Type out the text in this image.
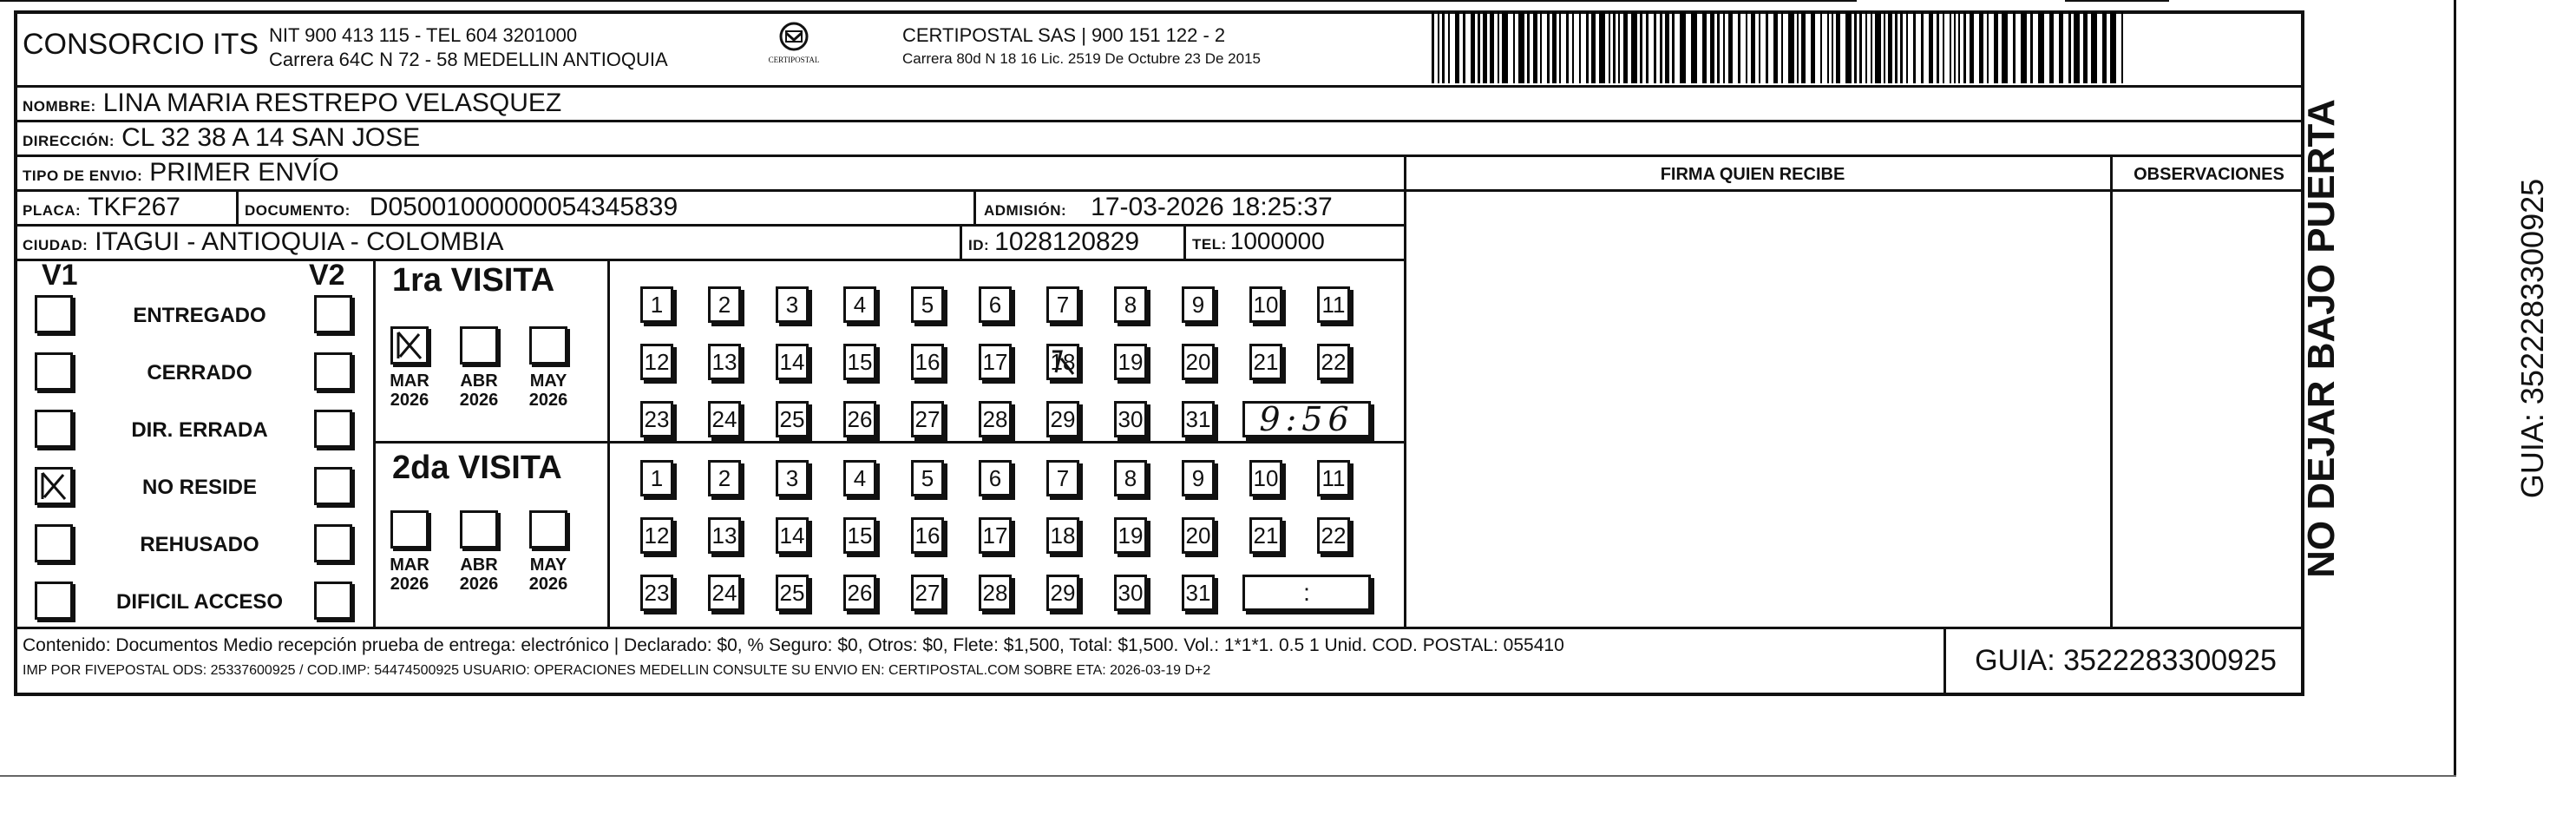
CONSORCIO ITS NIT 900 413 115 - TEL 604 3201000
Carrera 64C N 72 - 58 MEDELLIN ANTIOQUIA	CERTIPOSTAL
CERTIPOSTAL SAS | 900 151 122 - 2
Carrera 80d N 18 16 Lic. 2519 De Octubre 23 De 2015
NOMBRE: LINA MARIA RESTREPO VELASQUEZ
DIRECCIÓN: CL 32 38 A 14 SAN JOSE
TIPO DE ENVIO: PRIMER ENVÍO	FIRMA QUIEN RECIBE	OBSERVACIONES
PLACA: TKF267	DOCUMENTO: D05001000000054345839	ADMISIÓN: 17-03-2026 18:25:37
CIUDAD: ITAGUI - ANTIOQUIA - COLOMBIA	ID: 1028120829	TEL: 1000000
V1	V2
ENTREGADO
CERRADO
DIR. ERRADA
NO RESIDE
REHUSADO
DIFICIL ACCESO
1ra VISITA
MAR
2026
ABR
2026
MAY
2026
1 2 3 4 5 6 7 8 9 10 11
12 13 14 15 16 17 18 19 20 21 22
23 24 25 26 27 28 29 30 31 9:56
2da VISITA
MAR
2026
ABR
2026
MAY
2026
1 2 3 4 5 6 7 8 9 10 11
12 13 14 15 16 17 18 19 20 21 22
23 24 25 26 27 28 29 30 31	:
Contenido: Documentos Medio recepción prueba de entrega: electrónico | Declarado: $0, % Seguro: $0, Otros: $0, Flete: $1,500, Total: $1,500. Vol.: 1*1*1. 0.5 1 Unid. COD. POSTAL: 055410
IMP POR FIVEPOSTAL ODS: 25337600925 / COD.IMP: 54474500925 USUARIO: OPERACIONES MEDELLIN CONSULTE SU ENVIO EN: CERTIPOSTAL.COM SOBRE ETA: 2026-03-19 D+2	GUIA: 3522283300925
NO DEJAR BAJO PUERTA	GUIA: 3522283300925
